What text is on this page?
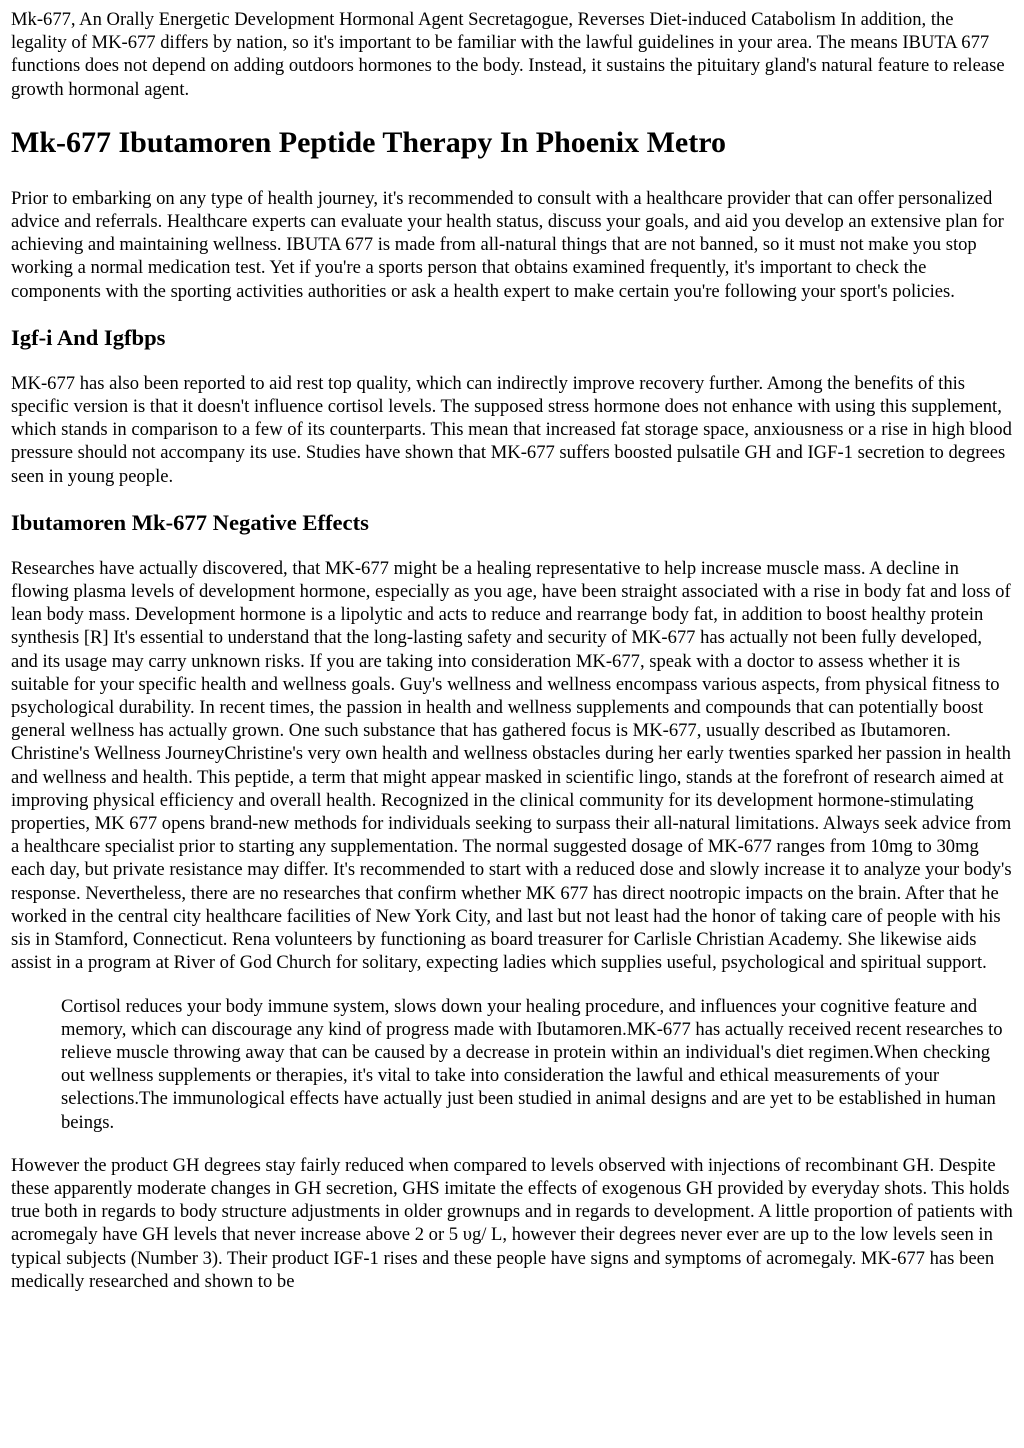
Mk-677, An Orally Energetic Development Hormonal Agent Secretagogue, Reverses Diet-induced Catabolism In addition, the legality of MK-677 differs by nation, so it's important to be familiar with the lawful guidelines in your area. The means IBUTA 677 functions does not depend on adding outdoors hormones to the body. Instead, it sustains the pituitary gland's natural feature to release growth hormonal agent.

Mk-677 Ibutamoren Peptide Therapy In Phoenix Metro

Prior to embarking on any type of health journey, it's recommended to consult with a healthcare provider that can offer personalized advice and referrals. Healthcare experts can evaluate your health status, discuss your goals, and aid you develop an extensive plan for achieving and maintaining wellness. IBUTA 677 is made from all-natural things that are not banned, so it must not make you stop working a normal medication test. Yet if you're a sports person that obtains examined frequently, it's important to check the components with the sporting activities authorities or ask a health expert to make certain you're following your sport's policies.

Igf-i And Igfbps

MK-677 has also been reported to aid rest top quality, which can indirectly improve recovery further. Among the benefits of this specific version is that it doesn't influence cortisol levels. The supposed stress hormone does not enhance with using this supplement, which stands in comparison to a few of its counterparts. This mean that increased fat storage space, anxiousness or a rise in high blood pressure should not accompany its use. Studies have shown that MK-677 suffers boosted pulsatile GH and IGF-1 secretion to degrees seen in young people.

Ibutamoren Mk-677 Negative Effects

Researches have actually discovered, that MK-677 might be a healing representative to help increase muscle mass. A decline in flowing plasma levels of development hormone, especially as you age, have been straight associated with a rise in body fat and loss of lean body mass. Development hormone is a lipolytic and acts to reduce and rearrange body fat, in addition to boost healthy protein synthesis [R] It's essential to understand that the long-lasting safety and security of MK-677 has actually not been fully developed, and its usage may carry unknown risks. If you are taking into consideration MK-677, speak with a doctor to assess whether it is suitable for your specific health and wellness goals. Guy's wellness and wellness encompass various aspects, from physical fitness to psychological durability. In recent times, the passion in health and wellness supplements and compounds that can potentially boost general wellness has actually grown. One such substance that has gathered focus is MK-677, usually described as Ibutamoren. Christine's Wellness JourneyChristine's very own health and wellness obstacles during her early twenties sparked her passion in health and wellness and health. This peptide, a term that might appear masked in scientific lingo, stands at the forefront of research aimed at improving physical efficiency and overall health. Recognized in the clinical community for its development hormone-stimulating properties, MK 677 opens brand-new methods for individuals seeking to surpass their all-natural limitations. Always seek advice from a healthcare specialist prior to starting any supplementation. The normal suggested dosage of MK-677 ranges from 10mg to 30mg each day, but private resistance may differ. It's recommended to start with a reduced dose and slowly increase it to analyze your body's response. Nevertheless, there are no researches that confirm whether MK 677 has direct nootropic impacts on the brain. After that he worked in the central city healthcare facilities of New York City, and last but not least had the honor of taking care of people with his sis in Stamford, Connecticut. Rena volunteers by functioning as board treasurer for Carlisle Christian Academy. She likewise aids assist in a program at River of God Church for solitary, expecting ladies which supplies useful, psychological and spiritual support.

Cortisol reduces your body immune system, slows down your healing procedure, and influences your cognitive feature and memory, which can discourage any kind of progress made with Ibutamoren.MK-677 has actually received recent researches to relieve muscle throwing away that can be caused by a decrease in protein within an individual's diet regimen.When checking out wellness supplements or therapies, it's vital to take into consideration the lawful and ethical measurements of your selections.The immunological effects have actually just been studied in animal designs and are yet to be established in human beings.

However the product GH degrees stay fairly reduced when compared to levels observed with injections of recombinant GH. Despite these apparently moderate changes in GH secretion, GHS imitate the effects of exogenous GH provided by everyday shots. This holds true both in regards to body structure adjustments in older grownups and in regards to development. A little proportion of patients with acromegaly have GH levels that never increase above 2 or 5 υg/ L, however their degrees never ever are up to the low levels seen in typical subjects (Number 3). Their product IGF-1 rises and these people have signs and symptoms of acromegaly. MK-677 has been medically researched and shown to be
